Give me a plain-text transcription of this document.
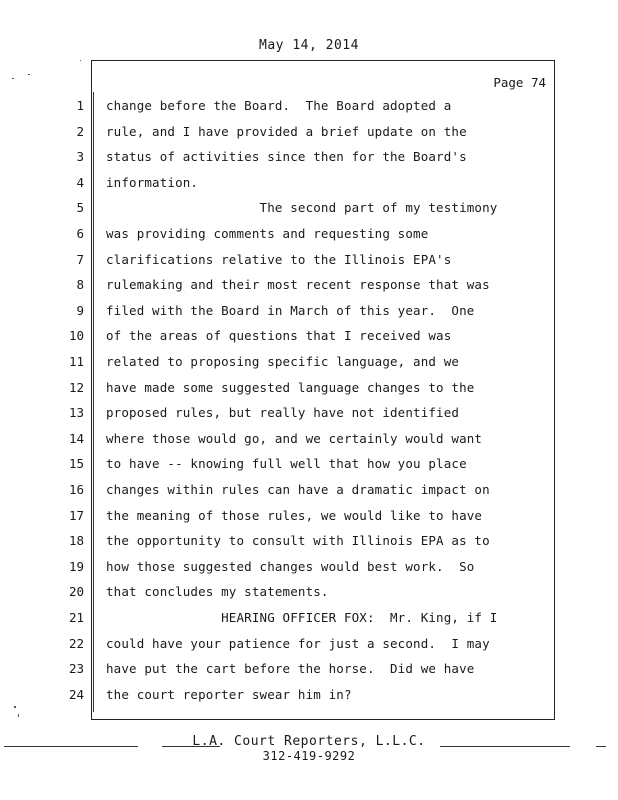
May 14, 2014
Page 74
1 change before the Board.  The Board adopted a
2 rule, and I have provided a brief update on the
3 status of activities since then for the Board's
4 information.
5 The second part of my testimony
6 was providing comments and requesting some
7 clarifications relative to the Illinois EPA's
8 rulemaking and their most recent response that was
9 filed with the Board in March of this year.  One
10 of the areas of questions that I received was
11 related to proposing specific language, and we
12 have made some suggested language changes to the
13 proposed rules, but really have not identified
14 where those would go, and we certainly would want
15 to have -- knowing full well that how you place
16 changes within rules can have a dramatic impact on
17 the meaning of those rules, we would like to have
18 the opportunity to consult with Illinois EPA as to
19 how those suggested changes would best work.  So
20 that concludes my statements.
21 HEARING OFFICER FOX:  Mr. King, if I
22 could have your patience for just a second.  I may
23 have put the cart before the horse.  Did we have
24 the court reporter swear him in?
L.A. Court Reporters, L.L.C.
312-419-9292
